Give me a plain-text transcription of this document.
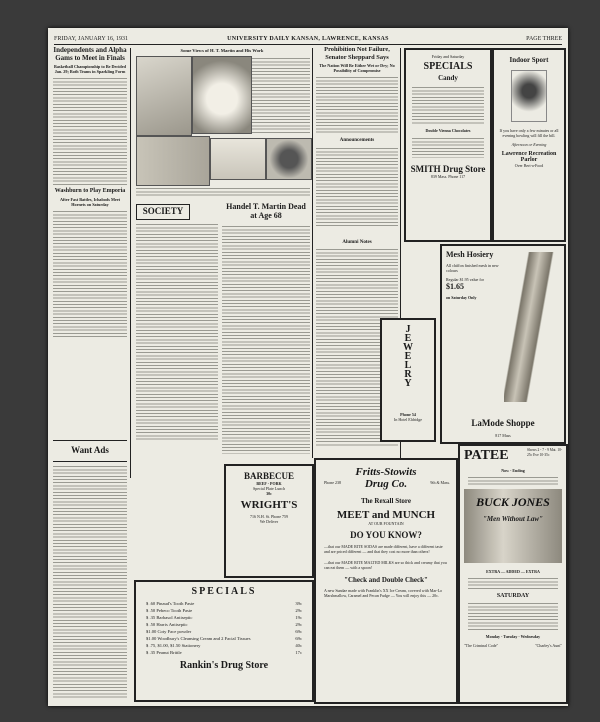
FRIDAY, JANUARY 16, 1931	UNIVERSITY DAILY KANSAN, LAWRENCE, KANSAS	PAGE THREE
Independents and Alpha Gams to Meet in Finals
Basketball Championship to Be Decided Jan. 29; Both Teams in Sparkling Form
Washburn to Play Emporia
After Fast Battles, Ichabods Meet Hornets on Saturday
Want Ads
Some Views of H. T. Martin and His Work
SOCIETY	Handel T. Martin Dead at Age 68
BARBECUE
BEEF - PORK
Special Plate Lunch
30c
WRIGHT'S
716 N.H. St. Phone 759
We Deliver
SPECIALS
$ .60 Pinaud's Tooth Paste	39c
$ .50 Pebeco Tooth Paste	29c
$ .35 Barbasol Antiseptic	19c
$ .50 Harris Antiseptic	29c
$1.00 Coty Face powder	69c
$1.00 Woodbury's Cleansing Cream and 2 Facial Tissues	69c
$ .75, $1.00, $1.50 Stationery	40c
$ .35 Peanut Brittle	17c
Rankin's Drug Store
Prohibition Not Failure, Senator Sheppard Says
The Nation Will Be Either Wet or Dry; No Possibility of Compromise
Announcements
Alumni Notes
JEWELRY
Phone 54
In Hotel Eldridge
Friday and Saturday
SPECIALS
Candy
Double Vienna Chocolates
SMITH Drug Store
839 Mass. Phone 117
Indoor Sport
If you have only a few minutes or all evening bowling will fill the bill.
Afternoon or Evening
Lawrence Recreation Parlor
Over Bert-a-Food
Mesh Hosiery
All chiffon finished mesh in new colours
Regular $1.95 value for
$1.65
on Saturday Only
LaMode Shoppe
817 Mass
Fritts-Stowits
Phone 238	Drug Co.	9th & Mass.
The Rexall Store
MEET and MUNCH
AT OUR FOUNTAIN
DO YOU KNOW?
—that our MADE RITE SODAS are made different, have a different taste and are priced different — and that they cost no more than others!
—that our MADE RITE MALTED MILKS are so thick and creamy that you can eat them — with a spoon!
"Check and Double Check"
A new Sundae made with Franklin's XX Ice Cream, covered with Mar-Lo Marshmallow, Caramel and Pecan Fudge — You will enjoy this — 20c.
PATEE	Shows 2 - 7 - 9 Mat. 10-25c Eve 10-35c
Now - Ending
BUCK JONES
"Men Without Law"
EXTRA — ADDED — EXTRA
SATURDAY
Monday - Tuesday - Wednesday
"The Criminal Code"	"Charley's Aunt"
